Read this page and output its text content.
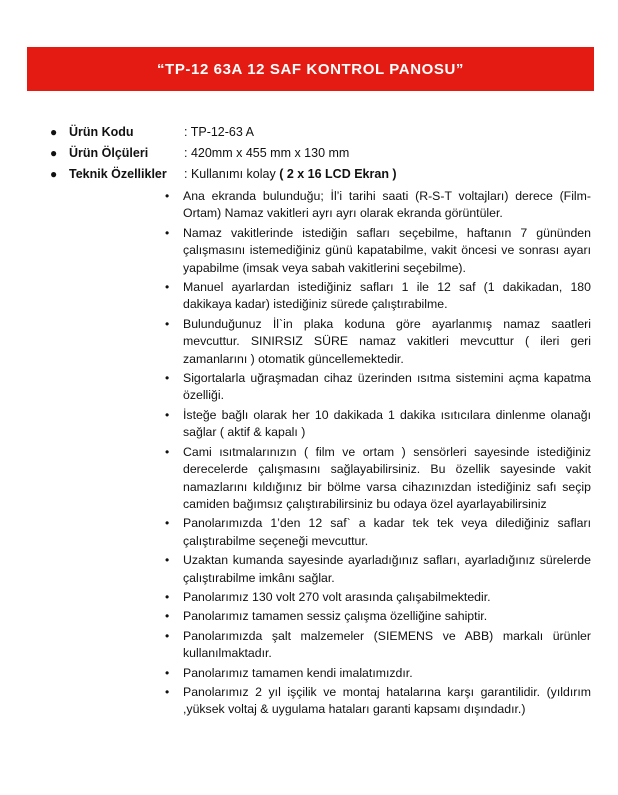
“TP-12 63A 12 SAF KONTROL PANOSU”
● Ürün Kodu	: TP-12-63 A
● Ürün Ölçüleri	: 420mm x 455 mm x 130 mm
● Teknik Özellikler : Kullanımı kolay ( 2 x 16 LCD Ekran )
• Ana ekranda bulunduğu; İl’i tarihi saati (R-S-T voltajları) derece (Film- Ortam) Namaz vakitleri ayrı ayrı olarak ekranda görüntüler.
• Namaz vakitlerinde istediğin safları seçebilme, haftanın 7 gününden çalışmasını istemediğiniz günü kapatabilme, vakit öncesi ve sonrası ayarı yapabilme (imsak veya sabah vakitlerini seçebilme).
• Manuel ayarlardan istediğiniz safları 1 ile 12 saf (1 dakikadan, 180 dakikaya kadar) istediğiniz sürede çalıştırabilme.
• Bulunduğunuz İl`in plaka koduna göre ayarlanmış namaz saatleri mevcuttur. SINIRSIZ SÜRE namaz vakitleri mevcuttur ( ileri geri zamanlarını ) otomatik güncellemektedir.
• Sigortalarla uğraşmadan cihaz üzerinden ısıtma sistemini açma kapatma özelliği.
• İsteğe bağlı olarak her 10 dakikada 1 dakika ısıtıcılara dinlenme olanağı sağlar ( aktif & kapalı )
• Cami ısıtmalarınızın ( film ve ortam ) sensörleri sayesinde istediğiniz derecelerde çalışmasını sağlayabilirsiniz. Bu özellik sayesinde vakit namazlarını kıldığınız bir bölme varsa cihazınızdan istediğiniz safı seçip camiden bağımsız çalıştırabilirsiniz bu odaya özel ayarlayabilirsiniz
• Panolarımızda 1’den 12 saf` a kadar tek tek veya dilediğiniz safları çalıştırabilme seçeneği mevcuttur.
• Uzaktan kumanda sayesinde ayarladığınız safları, ayarladığınız sürelerde çalıştırabilme imkânı sağlar.
• Panolarımız 130 volt 270 volt arasında çalışabilmektedir.
• Panolarımız tamamen sessiz çalışma özelliğine sahiptir.
• Panolarımızda şalt malzemeler (SIEMENS ve ABB) markalı ürünler kullanılmaktadır.
• Panolarımız tamamen kendi imalatımızdır.
• Panolarımız 2 yıl işçilik ve montaj hatalarına karşı garantilidir. (yıldırım ,yüksek voltaj & uygulama hataları garanti kapsamı dışındadır.)
